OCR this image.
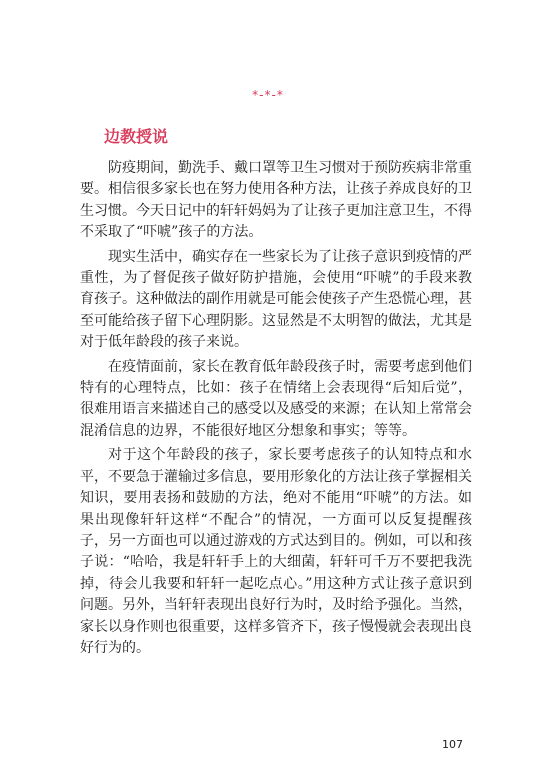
*-*-*

边教授说

防疫期间，勤洗手、戴口罩等卫生习惯对于预防疾病非常重要。相信很多家长也在努力使用各种方法，让孩子养成良好的卫生习惯。今天日记中的轩轩妈妈为了让孩子更加注意卫生，不得不采取了“吓唬”孩子的方法。

现实生活中，确实存在一些家长为了让孩子意识到疫情的严重性，为了督促孩子做好防护措施，会使用“吓唬”的手段来教育孩子。这种做法的副作用就是可能会使孩子产生恐慌心理，甚至可能给孩子留下心理阴影。这显然是不太明智的做法，尤其是对于低年龄段的孩子来说。

在疫情面前，家长在教育低年龄段孩子时，需要考虑到他们特有的心理特点，比如：孩子在情绪上会表现得“后知后觉”，很难用语言来描述自己的感受以及感受的来源；在认知上常常会混淆信息的边界，不能很好地区分想象和事实；等等。

对于这个年龄段的孩子，家长要考虑孩子的认知特点和水平，不要急于灌输过多信息，要用形象化的方法让孩子掌握相关知识，要用表扬和鼓励的方法，绝对不能用“吓唬”的方法。如果出现像轩轩这样“不配合”的情况，一方面可以反复提醒孩子，另一方面也可以通过游戏的方式达到目的。例如，可以和孩子说：“哈哈，我是轩轩手上的大细菌，轩轩可千万不要把我洗掉，待会儿我要和轩轩一起吃点心。”用这种方式让孩子意识到问题。另外，当轩轩表现出良好行为时，及时给予强化。当然，家长以身作则也很重要，这样多管齐下，孩子慢慢就会表现出良好行为的。

107
